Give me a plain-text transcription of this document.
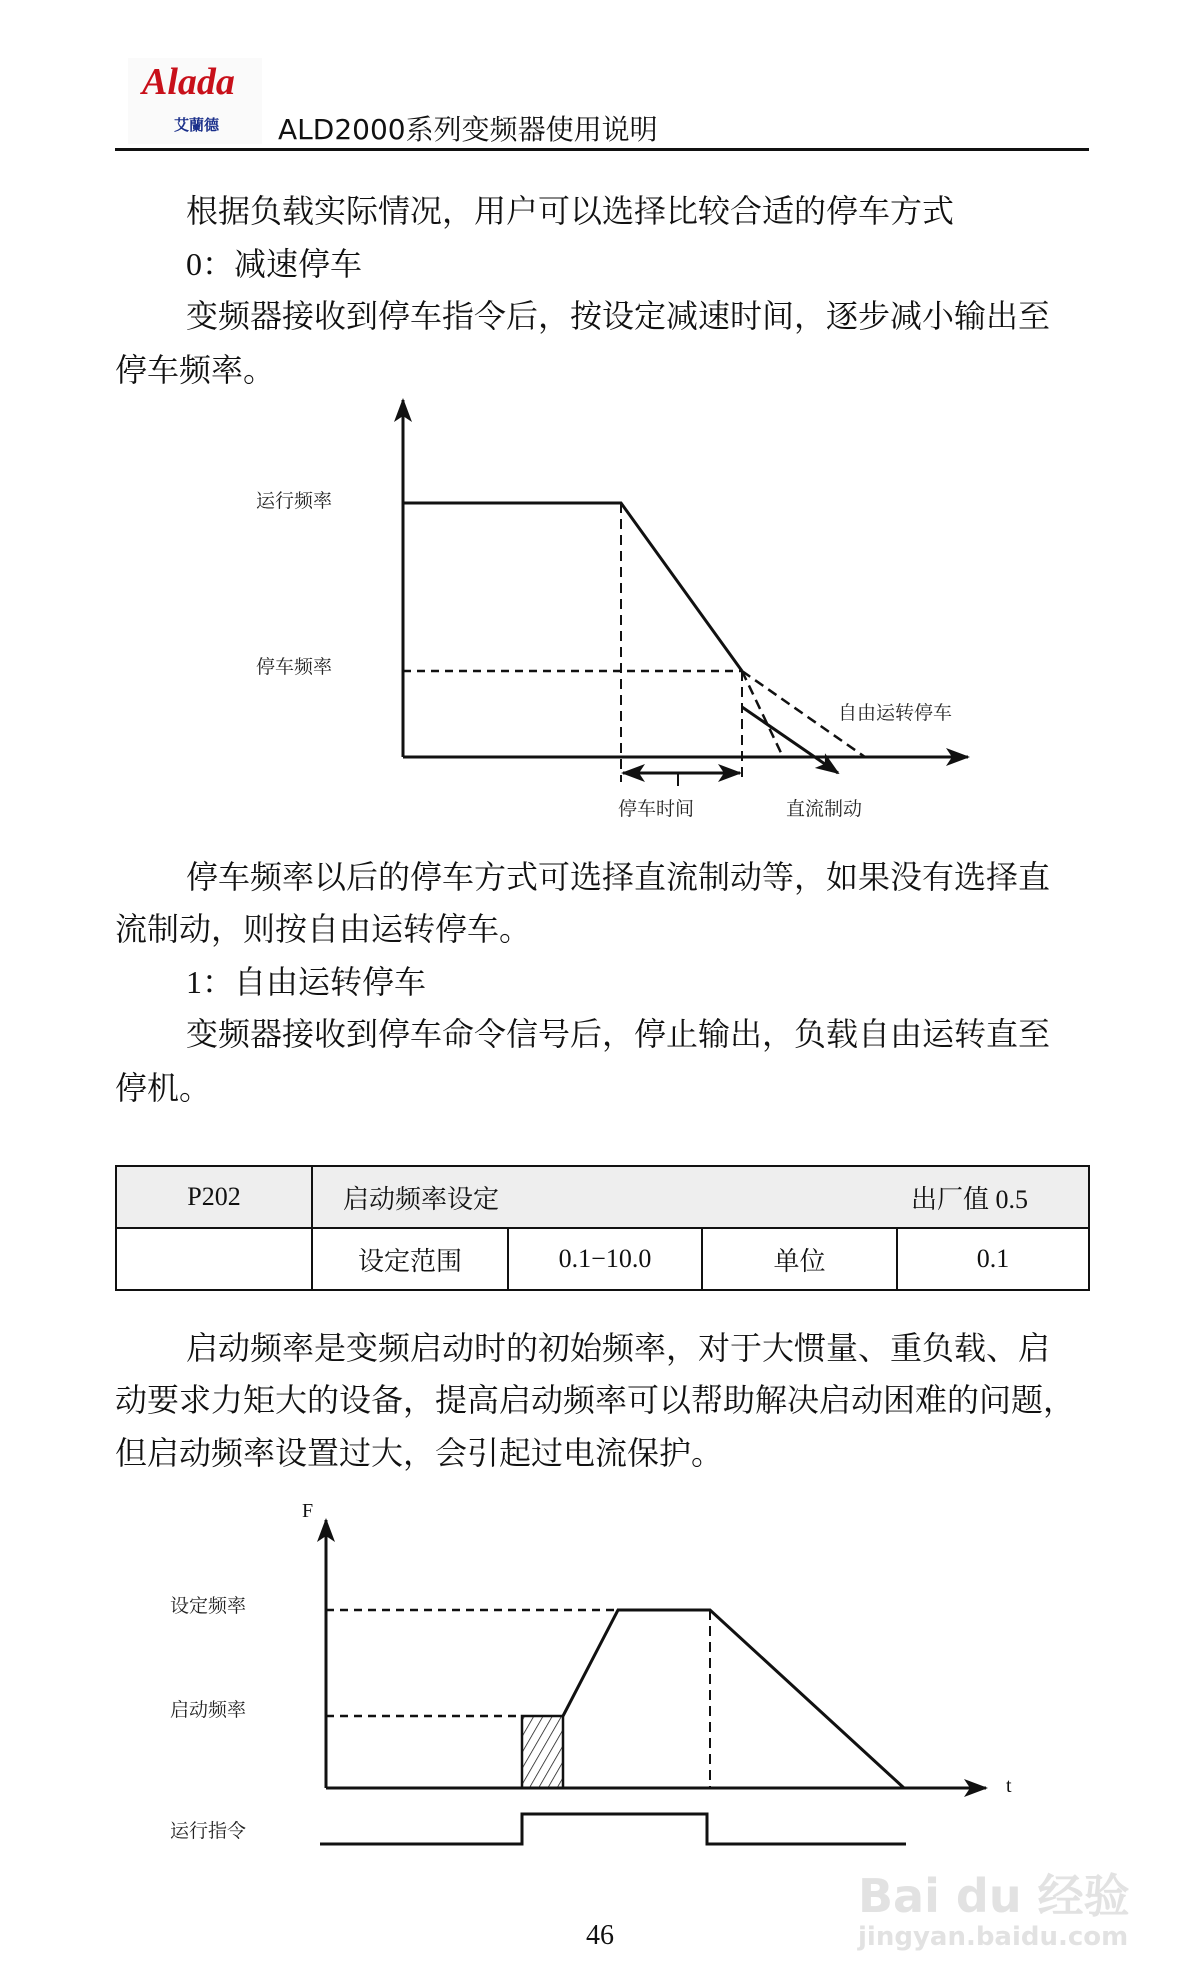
Alada
艾蘭德 ALD2000系列变频器使用说明
根据负载实际情况，用户可以选择比较合适的停车方式
0：减速停车
变频器接收到停车指令后，按设定减速时间，逐步减小输出至
停车频率。
运行频率
停车频率
自由运转停车
停车时间	直流制动
停车频率以后的停车方式可选择直流制动等，如果没有选择直
流制动，则按自由运转停车。
1：自由运转停车
变频器接收到停车命令信号后，停止输出，负载自由运转直至
停机。
P202	启动频率设定 出厂值 0.5			

	设定范围	0.1−10.0	单位	0.1
启动频率是变频启动时的初始频率，对于大惯量、重负载、启
动要求力矩大的设备，提高启动频率可以帮助解决启动困难的问题，
但启动频率设置过大，会引起过电流保护。
F
t
设定频率
启动频率
运行指令
Bai du 经验
jingyan.baidu.com
46
